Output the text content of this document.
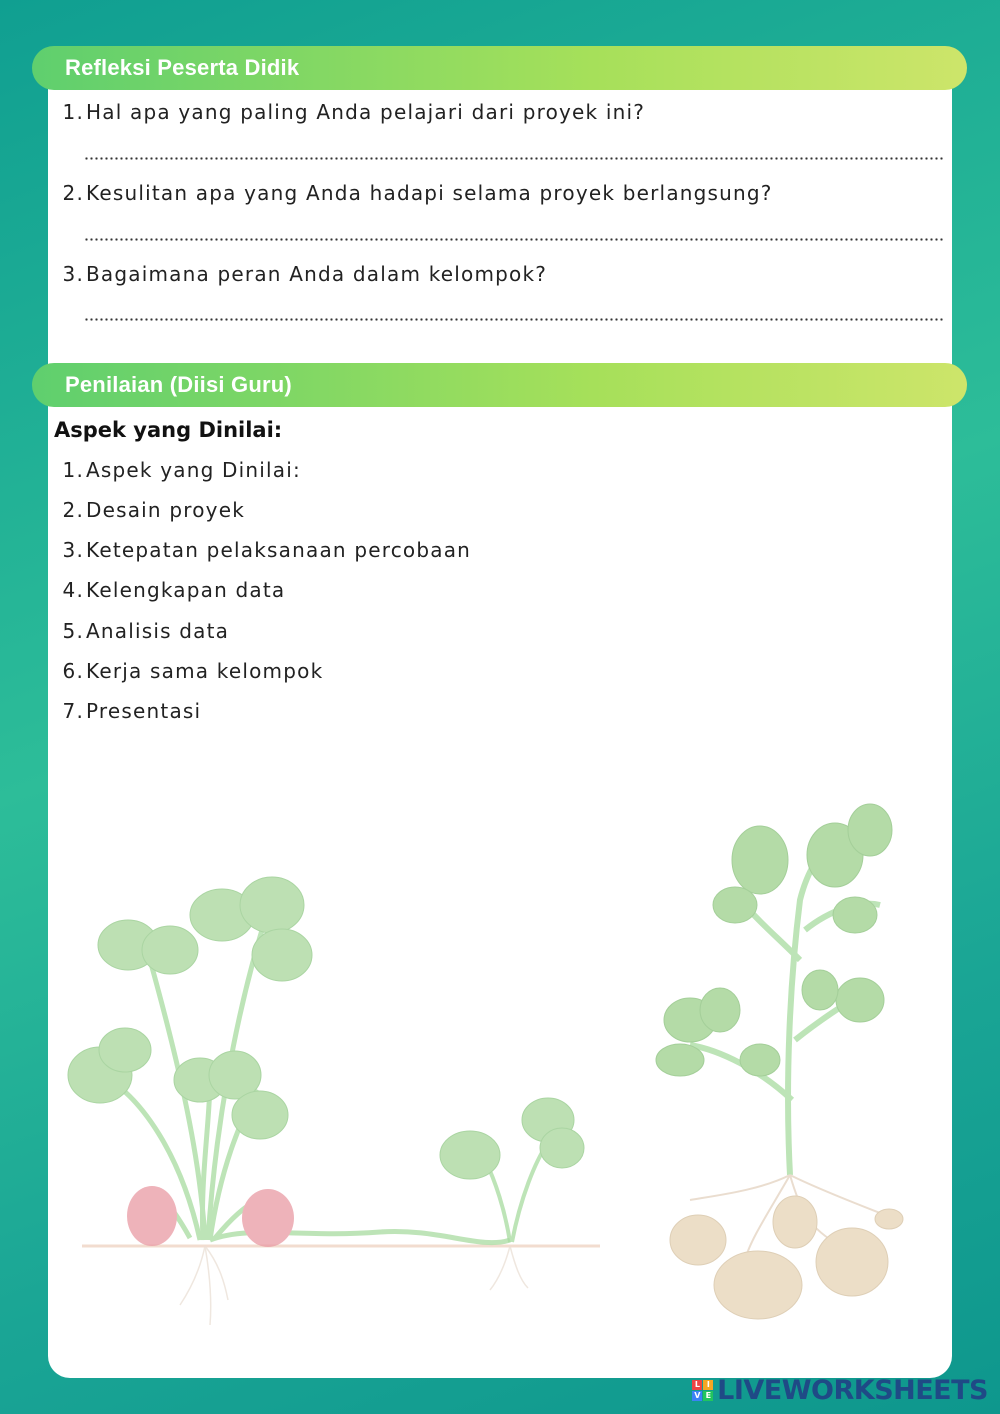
Refleksi Peserta Didik
1. Hal apa yang paling Anda pelajari dari proyek ini?
2. Kesulitan apa yang Anda hadapi selama proyek berlangsung?
3. Bagaimana peran Anda dalam kelompok?
Penilaian (Diisi Guru)
Aspek yang Dinilai:
1. Aspek yang Dinilai:
2. Desain proyek
3. Ketepatan pelaksanaan percobaan
4. Kelengkapan data
5. Analisis data
6. Kerja sama kelompok
7. Presentasi
L I
V E LIVEWORKSHEETS
